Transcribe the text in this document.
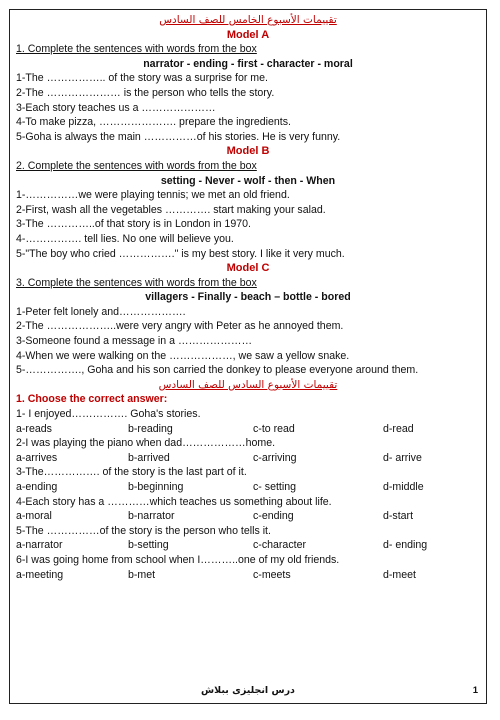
تقييمات الأسبوع الخامس للصف السادس
Model A
1. Complete the sentences with words from the box
narrator - ending - first - character - moral
1-The …………….. of the story was a surprise for me.
2-The ………………… is the person who tells the story.
3-Each story teaches us a …………………
4-To make pizza, …………………. prepare the ingredients.
5-Goha is always the main ……………of his stories. He is very funny.
Model B
2. Complete the sentences with words from the box
setting - Never - wolf - then - When
1-……………we were playing tennis; we met an old friend.
2-First, wash all the vegetables …………. start making your salad.
3-The …………..of that story is in London in 1970.
4-……………. tell lies. No one will believe you.
5-"The boy who cried ……………." is my best story. I like it very much.
Model C
3. Complete the sentences with words from the box
villagers - Finally - beach – bottle - bored
1-Peter felt lonely and……………….
2-The ………………..were very angry with Peter as he annoyed them.
3-Someone found a message in a …………………
4-When we were walking on the ………………, we saw a yellow snake.
5-……………., Goha and his son carried the donkey to please everyone around them.
تقييمات الأسبوع السادس للصف السادس
1. Choose the correct answer:
1- I enjoyed……………. Goha's stories.
a-reads	b-reading	c-to read	d-read
2-I was playing the piano when dad………………home.
a-arrives	b-arrived	c-arriving	d- arrive
3-The……………. of the story is the last part of it.
a-ending	b-beginning	c- setting	d-middle
4-Each story has a …………which teaches us something about life.
a-moral	b-narrator	c-ending	d-start
5-The ……………of the story is the person who tells it.
a-narrator	b-setting	c-character	d- ending
6-I was going home from school when I………..one of my old friends.
a-meeting	b-met	c-meets	d-meet
درس انجليزى ببلاش	1
